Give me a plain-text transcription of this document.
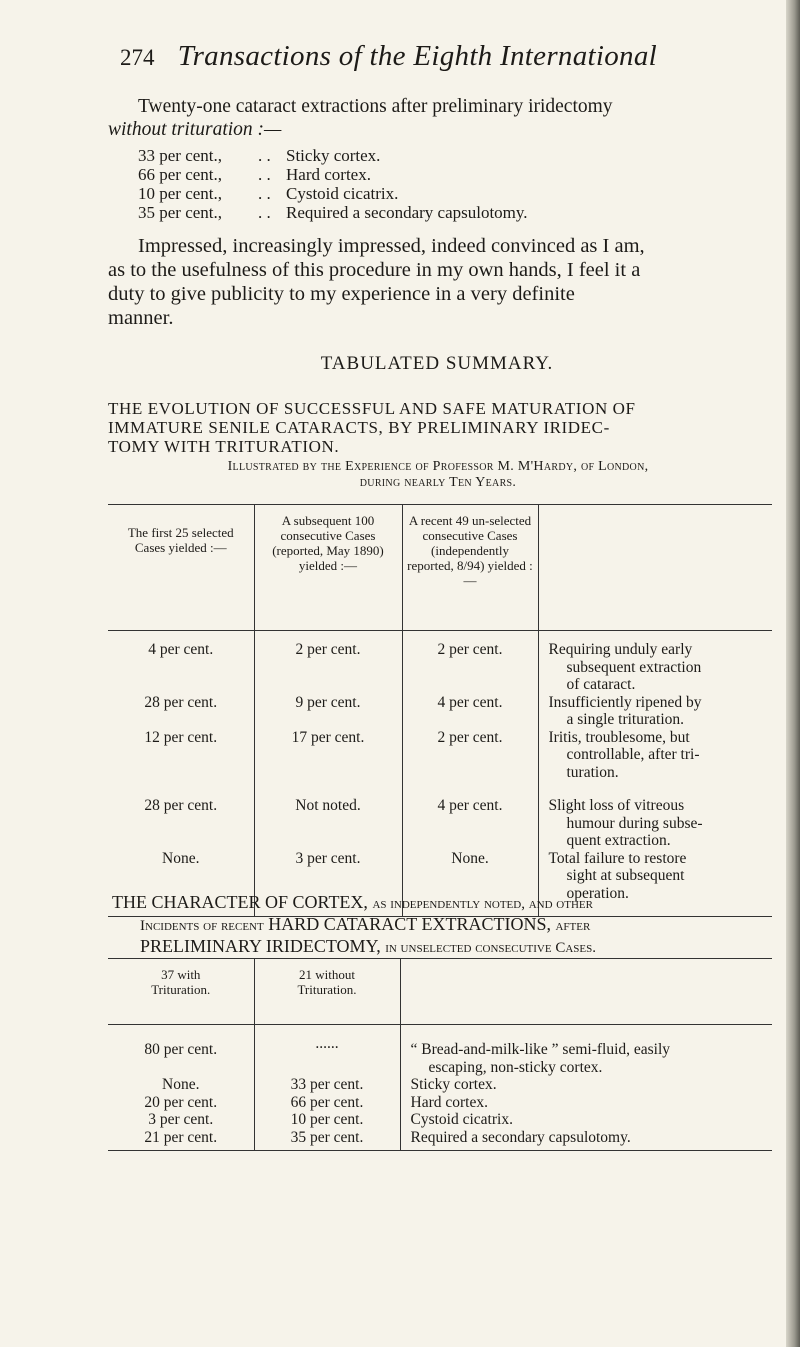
274 Transactions of the Eighth International
Twenty-one cataract extractions after preliminary iridectomy
without trituration :—
33 per cent.,	. . Sticky cortex.
66 per cent.,	. . Hard cortex.
10 per cent.,	. . Cystoid cicatrix.
35 per cent.,	. . Required a secondary capsulotomy.
Impressed, increasingly impressed, indeed convinced as I am,
as to the usefulness of this procedure in my own hands, I feel it a
duty to give publicity to my experience in a very definite
manner.
TABULATED SUMMARY.
THE EVOLUTION OF SUCCESSFUL AND SAFE MATURATION OF
IMMATURE SENILE CATARACTS, BY PRELIMINARY IRIDEC-
TOMY WITH TRITURATION.
Illustrated by the Experience of Professor M. M'Hardy, of London,
during nearly Ten Years.
The first 25 selected Cases yielded :—	A subsequent 100 consecutive Cases (reported, May 1890) yielded :—	A recent 49 un-selected consecutive Cases (independently reported, 8/94) yielded :—	
4 per cent.	2 per cent.	2 per cent.	Requiring unduly early
subsequent extraction
of cataract.

28 per cent.	9 per cent.	4 per cent.	Insufficiently ripened by
a single trituration.

12 per cent.	17 per cent.	2 per cent.	Iritis, troublesome, but
controllable, after tri-
turation.

28 per cent.	Not noted.	4 per cent.	Slight loss of vitreous
humour during subse-
quent extraction.

None.	3 per cent.	None.	Total failure to restore
sight at subsequent
operation.
THE CHARACTER OF CORTEX, as independently noted, and other
Incidents of recent HARD CATARACT EXTRACTIONS, after
PRELIMINARY IRIDECTOMY, in unselected consecutive Cases.
37 with Trituration.	21 without Trituration.	
80 per cent.	......	“ Bread-and-milk-like ” semi-fluid, easily
escaping, non-sticky cortex.

None.	33 per cent.	Sticky cortex.
20 per cent.	66 per cent.	Hard cortex.
3 per cent.	10 per cent.	Cystoid cicatrix.
21 per cent.	35 per cent.	Required a secondary capsulotomy.
